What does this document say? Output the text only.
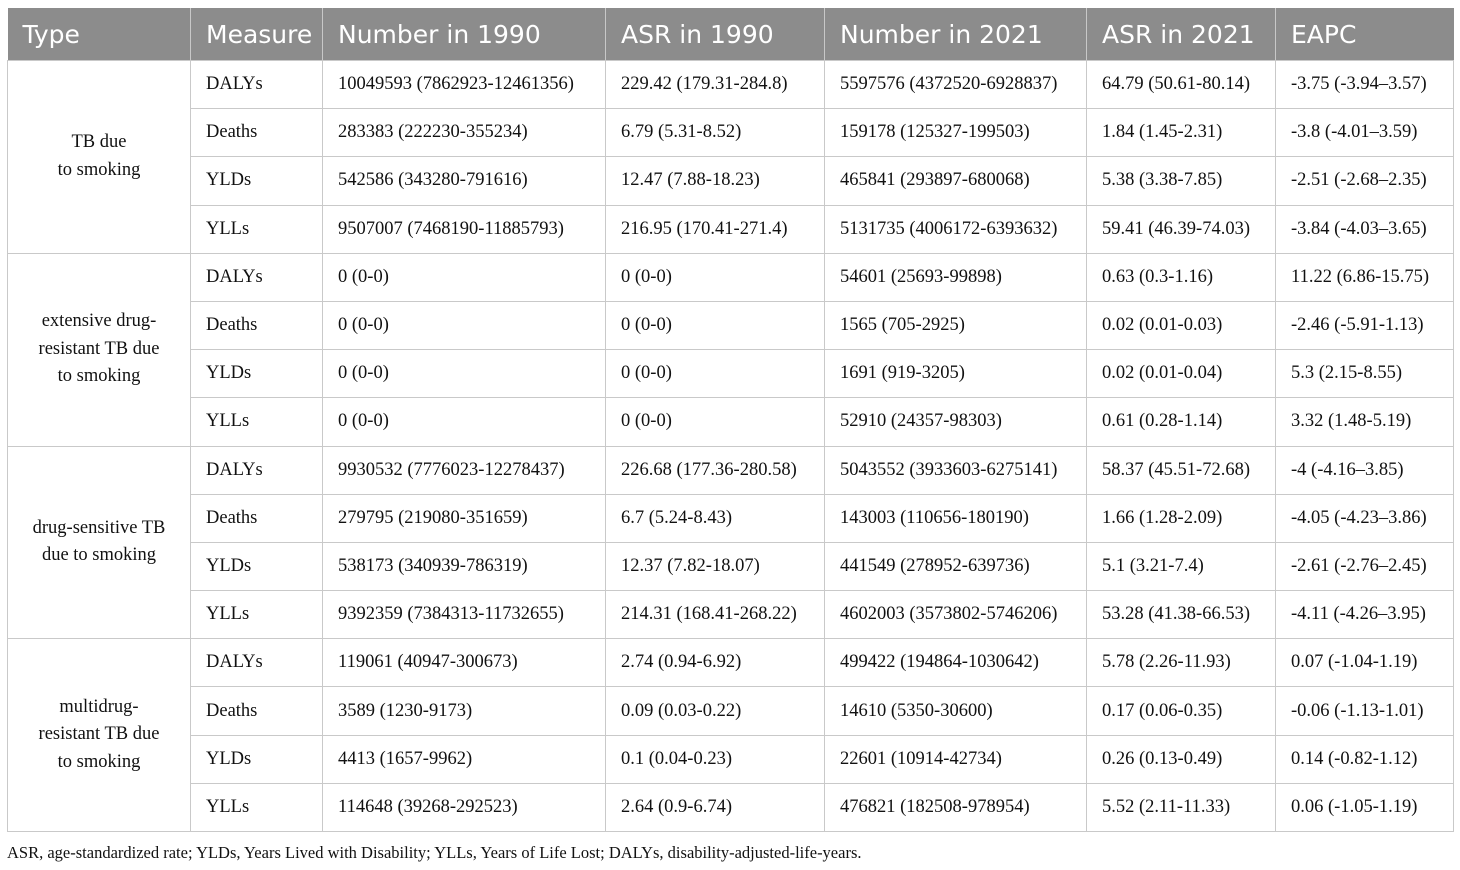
Type	Measure	Number in 1990	ASR in 1990	Number in 2021	ASR in 2021	EAPC

TB due
to smoking	DALYs	10049593 (7862923-12461356)	229.42 (179.31-284.8)	5597576 (4372520-6928837)	64.79 (50.61-80.14)	-3.75 (-3.94–3.57)
	Deaths	283383 (222230-355234)	6.79 (5.31-8.52)	159178 (125327-199503)	1.84 (1.45-2.31)	-3.8 (-4.01–3.59)
	YLDs	542586 (343280-791616)	12.47 (7.88-18.23)	465841 (293897-680068)	5.38 (3.38-7.85)	-2.51 (-2.68–2.35)
	YLLs	9507007 (7468190-11885793)	216.95 (170.41-271.4)	5131735 (4006172-6393632)	59.41 (46.39-74.03)	-3.84 (-4.03–3.65)

extensive drug-
resistant TB due
to smoking	DALYs	0 (0-0)	0 (0-0)	54601 (25693-99898)	0.63 (0.3-1.16)	11.22 (6.86-15.75)
	Deaths	0 (0-0)	0 (0-0)	1565 (705-2925)	0.02 (0.01-0.03)	-2.46 (-5.91-1.13)
	YLDs	0 (0-0)	0 (0-0)	1691 (919-3205)	0.02 (0.01-0.04)	5.3 (2.15-8.55)
	YLLs	0 (0-0)	0 (0-0)	52910 (24357-98303)	0.61 (0.28-1.14)	3.32 (1.48-5.19)

drug-sensitive TB
due to smoking	DALYs	9930532 (7776023-12278437)	226.68 (177.36-280.58)	5043552 (3933603-6275141)	58.37 (45.51-72.68)	-4 (-4.16–3.85)
	Deaths	279795 (219080-351659)	6.7 (5.24-8.43)	143003 (110656-180190)	1.66 (1.28-2.09)	-4.05 (-4.23–3.86)
	YLDs	538173 (340939-786319)	12.37 (7.82-18.07)	441549 (278952-639736)	5.1 (3.21-7.4)	-2.61 (-2.76–2.45)
	YLLs	9392359 (7384313-11732655)	214.31 (168.41-268.22)	4602003 (3573802-5746206)	53.28 (41.38-66.53)	-4.11 (-4.26–3.95)

multidrug-
resistant TB due
to smoking	DALYs	119061 (40947-300673)	2.74 (0.94-6.92)	499422 (194864-1030642)	5.78 (2.26-11.93)	0.07 (-1.04-1.19)
	Deaths	3589 (1230-9173)	0.09 (0.03-0.22)	14610 (5350-30600)	0.17 (0.06-0.35)	-0.06 (-1.13-1.01)
	YLDs	4413 (1657-9962)	0.1 (0.04-0.23)	22601 (10914-42734)	0.26 (0.13-0.49)	0.14 (-0.82-1.12)
	YLLs	114648 (39268-292523)	2.64 (0.9-6.74)	476821 (182508-978954)	5.52 (2.11-11.33)	0.06 (-1.05-1.19)
ASR, age-standardized rate; YLDs, Years Lived with Disability; YLLs, Years of Life Lost; DALYs, disability-adjusted-life-years.
